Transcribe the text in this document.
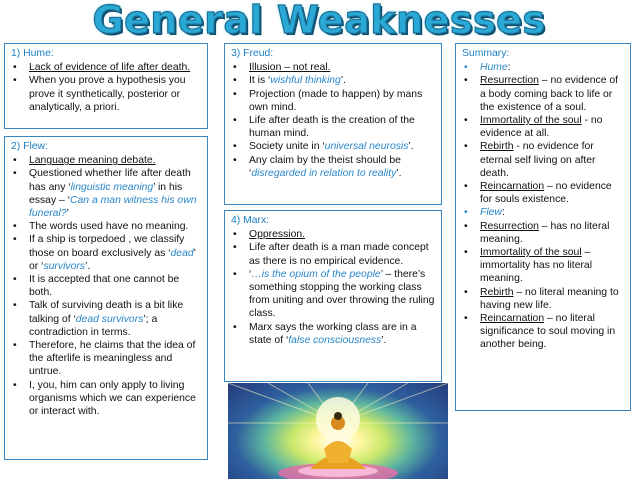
General Weaknesses
1) Hume:
• Lack of evidence of life after death.
• When you prove a hypothesis you prove it synthetically, posterior or analytically, a priori.
2) Flew:
• Language meaning debate.
• Questioned whether life after death has any ‘linguistic meaning’ in his essay – ‘Can a man witness his own funeral?’
• The words used have no meaning.
• If a ship is torpedoed , we classify those on board exclusively as ‘dead’ or ‘survivors’.
• It is accepted that one cannot be both.
• Talk of surviving death is a bit like talking of ‘dead survivors’; a contradiction in terms.
• Therefore, he claims that the idea of the afterlife is meaningless and untrue.
• I, you, him can only apply to living organisms which we can experience or interact with.
3) Freud:
• Illusion – not real.
• It is ‘wishful thinking’.
• Projection (made to happen) by mans own mind.
• Life after death is the creation of the human mind.
• Society unite in ‘universal neurosis’.
• Any claim by the theist should be ‘disregarded in relation to reality’.
4) Marx:
• Oppression.
• Life after death is a man made concept as there is no empirical evidence.
• ‘…is the opium of the people’ – there’s something stopping the working class from uniting and over throwing the ruling class.
• Marx says the working class are in a state of ‘false consciousness’.
Summary:
• Hume:
• Resurrection – no evidence of a body coming back to life or the existence of a soul.
• Immortality of the soul - no evidence at all.
• Rebirth - no evidence for eternal self living on after death.
• Reincarnation – no evidence for souls existence.
• Flew:
• Resurrection – has no literal meaning.
• Immortality of the soul – immortality has no literal meaning.
• Rebirth – no literal meaning to having new life.
• Reincarnation – no literal significance to soul moving in another being.
